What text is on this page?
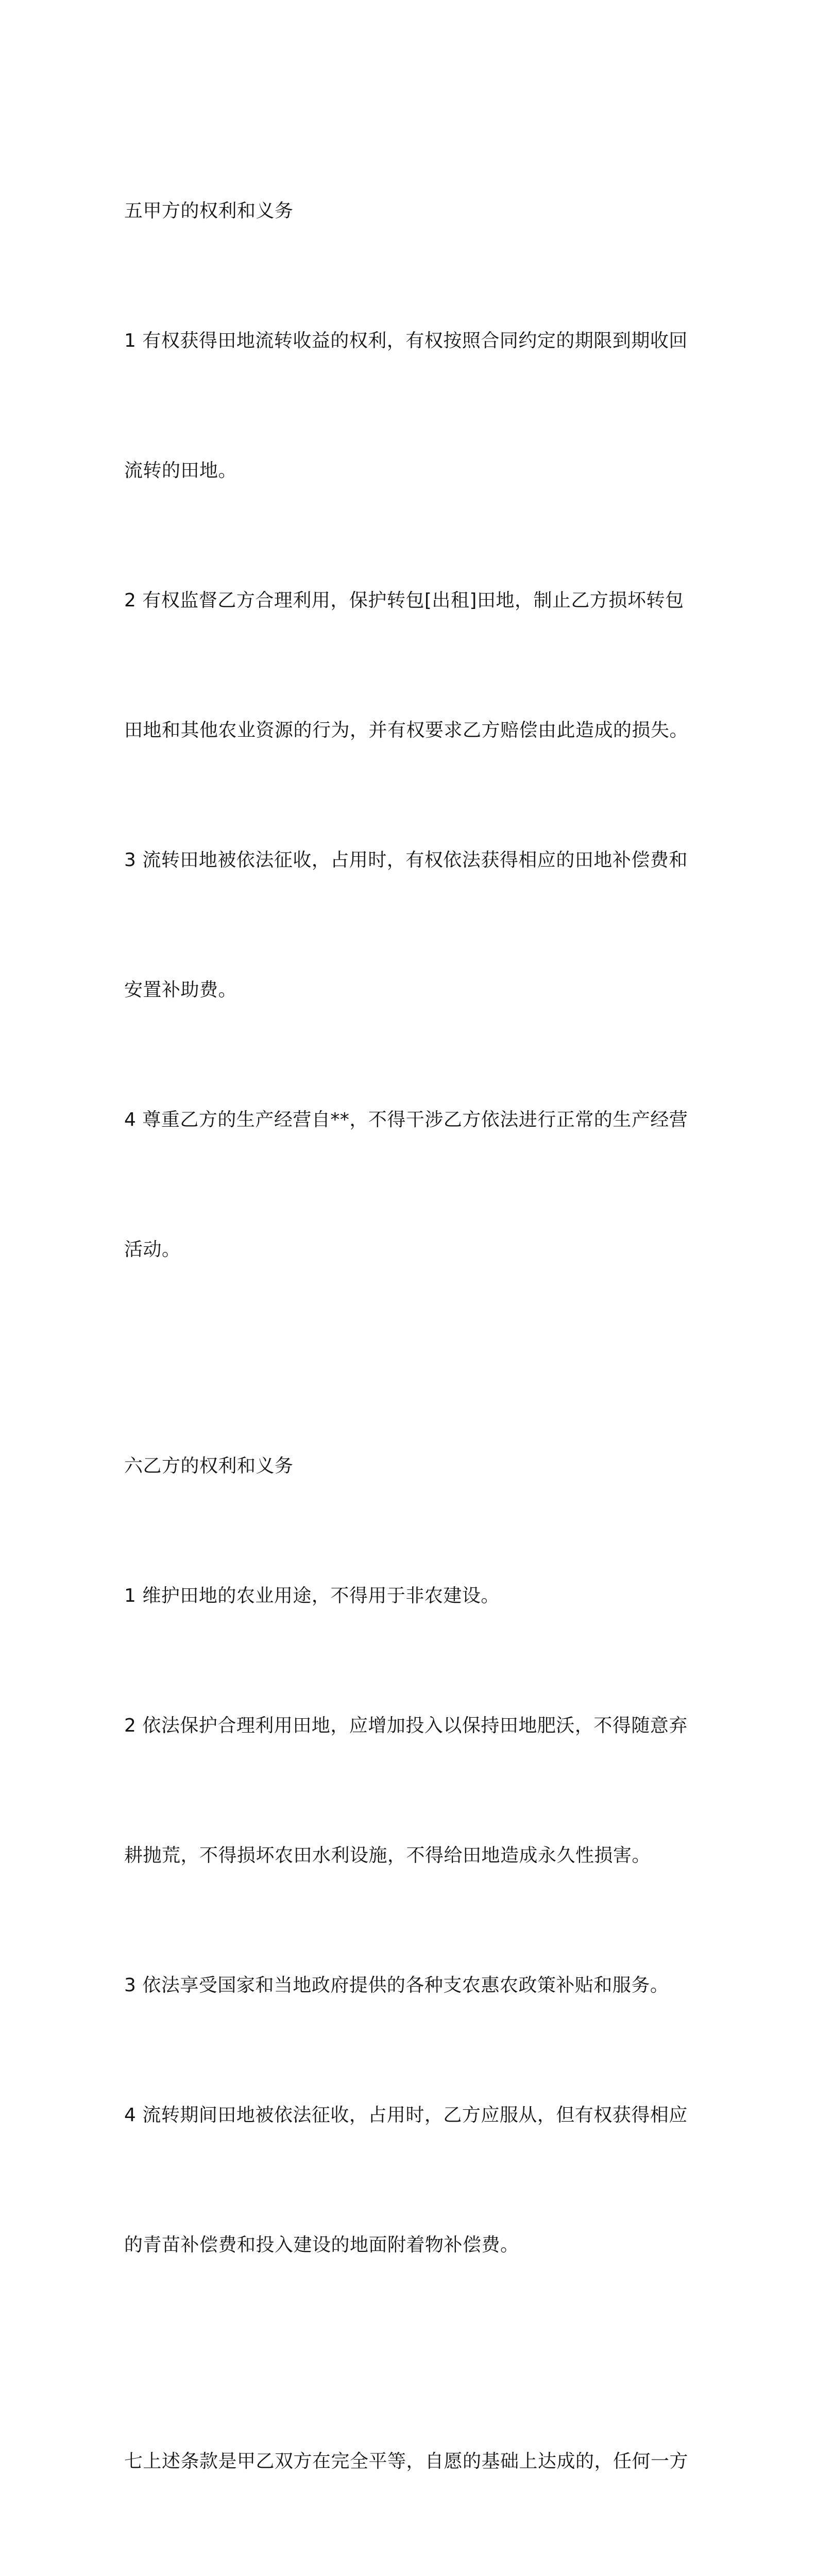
五甲方的权利和义务

1 有权获得田地流转收益的权利，有权按照合同约定的期限到期收回

流转的田地。

2 有权监督乙方合理利用，保护转包[出租]田地，制止乙方损坏转包

田地和其他农业资源的行为，并有权要求乙方赔偿由此造成的损失。

3 流转田地被依法征收，占用时，有权依法获得相应的田地补偿费和

安置补助费。

4 尊重乙方的生产经营自**，不得干涉乙方依法进行正常的生产经营

活动。

六乙方的权利和义务

1 维护田地的农业用途，不得用于非农建设。

2 依法保护合理利用田地，应增加投入以保持田地肥沃，不得随意弃

耕抛荒，不得损坏农田水利设施，不得给田地造成永久性损害。

3 依法享受国家和当地政府提供的各种支农惠农政策补贴和服务。

4 流转期间田地被依法征收，占用时，乙方应服从，但有权获得相应

的青苗补偿费和投入建设的地面附着物补偿费。

七上述条款是甲乙双方在完全平等，自愿的基础上达成的，任何一方
